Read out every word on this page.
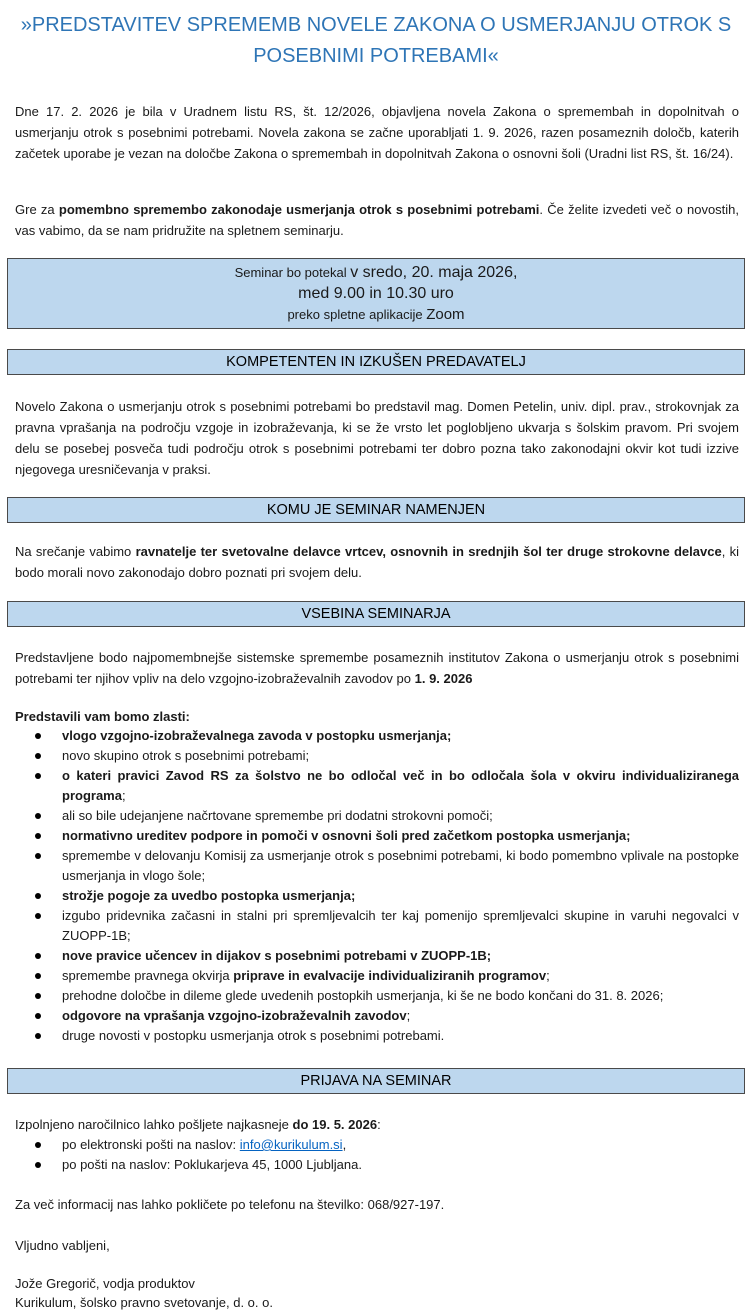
»PREDSTAVITEV SPREMEMB NOVELE ZAKONA O USMERJANJU OTROK S POSEBNIMI POTREBAMI«
Dne 17. 2. 2026 je bila v Uradnem listu RS, št. 12/2026, objavljena novela Zakona o spremembah in dopolnitvah o usmerjanju otrok s posebnimi potrebami. Novela zakona se začne uporabljati 1. 9. 2026, razen posameznih določb, katerih začetek uporabe je vezan na določbe Zakona o spremembah in dopolnitvah Zakona o osnovni šoli (Uradni list RS, št. 16/24).
Gre za pomembno spremembo zakonodaje usmerjanja otrok s posebnimi potrebami. Če želite izvedeti več o novostih, vas vabimo, da se nam pridružite na spletnem seminarju.
Seminar bo potekal v sredo, 20. maja 2026,
med 9.00 in 10.30 uro
preko spletne aplikacije Zoom
KOMPETENTEN IN IZKUŠEN PREDAVATELJ
Novelo Zakona o usmerjanju otrok s posebnimi potrebami bo predstavil mag. Domen Petelin, univ. dipl. prav., strokovnjak za pravna vprašanja na področju vzgoje in izobraževanja, ki se že vrsto let poglobljeno ukvarja s šolskim pravom. Pri svojem delu se posebej posveča tudi področju otrok s posebnimi potrebami ter dobro pozna tako zakonodajni okvir kot tudi izzive njegovega uresničevanja v praksi.
KOMU JE SEMINAR NAMENJEN
Na srečanje vabimo ravnatelje ter svetovalne delavce vrtcev, osnovnih in srednjih šol ter druge strokovne delavce, ki bodo morali novo zakonodajo dobro poznati pri svojem delu.
VSEBINA SEMINARJA
Predstavljene bodo najpomembnejše sistemske spremembe posameznih institutov Zakona o usmerjanju otrok s posebnimi potrebami ter njihov vpliv na delo vzgojno-izobraževalnih zavodov po 1. 9. 2026
Predstavili vam bomo zlasti:
vlogo vzgojno-izobraževalnega zavoda v postopku usmerjanja;
novo skupino otrok s posebnimi potrebami;
o kateri pravici Zavod RS za šolstvo ne bo odločal več in bo odločala šola v okviru individualiziranega programa;
ali so bile udejanjene načrtovane spremembe pri dodatni strokovni pomoči;
normativno ureditev podpore in pomoči v osnovni šoli pred začetkom postopka usmerjanja;
spremembe v delovanju Komisij za usmerjanje otrok s posebnimi potrebami, ki bodo pomembno vplivale na postopke usmerjanja in vlogo šole;
strožje pogoje za uvedbo postopka usmerjanja;
izgubo pridevnika začasni in stalni pri spremljevalcih ter kaj pomenijo spremljevalci skupine in varuhi negovalci v ZUOPP-1B;
nove pravice učencev in dijakov s posebnimi potrebami v ZUOPP-1B;
spremembe pravnega okvirja priprave in evalvacije individualiziranih programov;
prehodne določbe in dileme glede uvedenih postopkih usmerjanja, ki še ne bodo končani do 31. 8. 2026;
odgovore na vprašanja vzgojno-izobraževalnih zavodov;
druge novosti v postopku usmerjanja otrok s posebnimi potrebami.
PRIJAVA NA SEMINAR
Izpolnjeno naročilnico lahko pošljete najkasneje do 19. 5. 2026:
po elektronski pošti na naslov: info@kurikulum.si,
po pošti na naslov: Poklukarjeva 45, 1000 Ljubljana.
Za več informacij nas lahko pokličete po telefonu na številko: 068/927-197.
Vljudno vabljeni,
Jože Gregorič, vodja produktov
Kurikulum, šolsko pravno svetovanje, d. o. o.
